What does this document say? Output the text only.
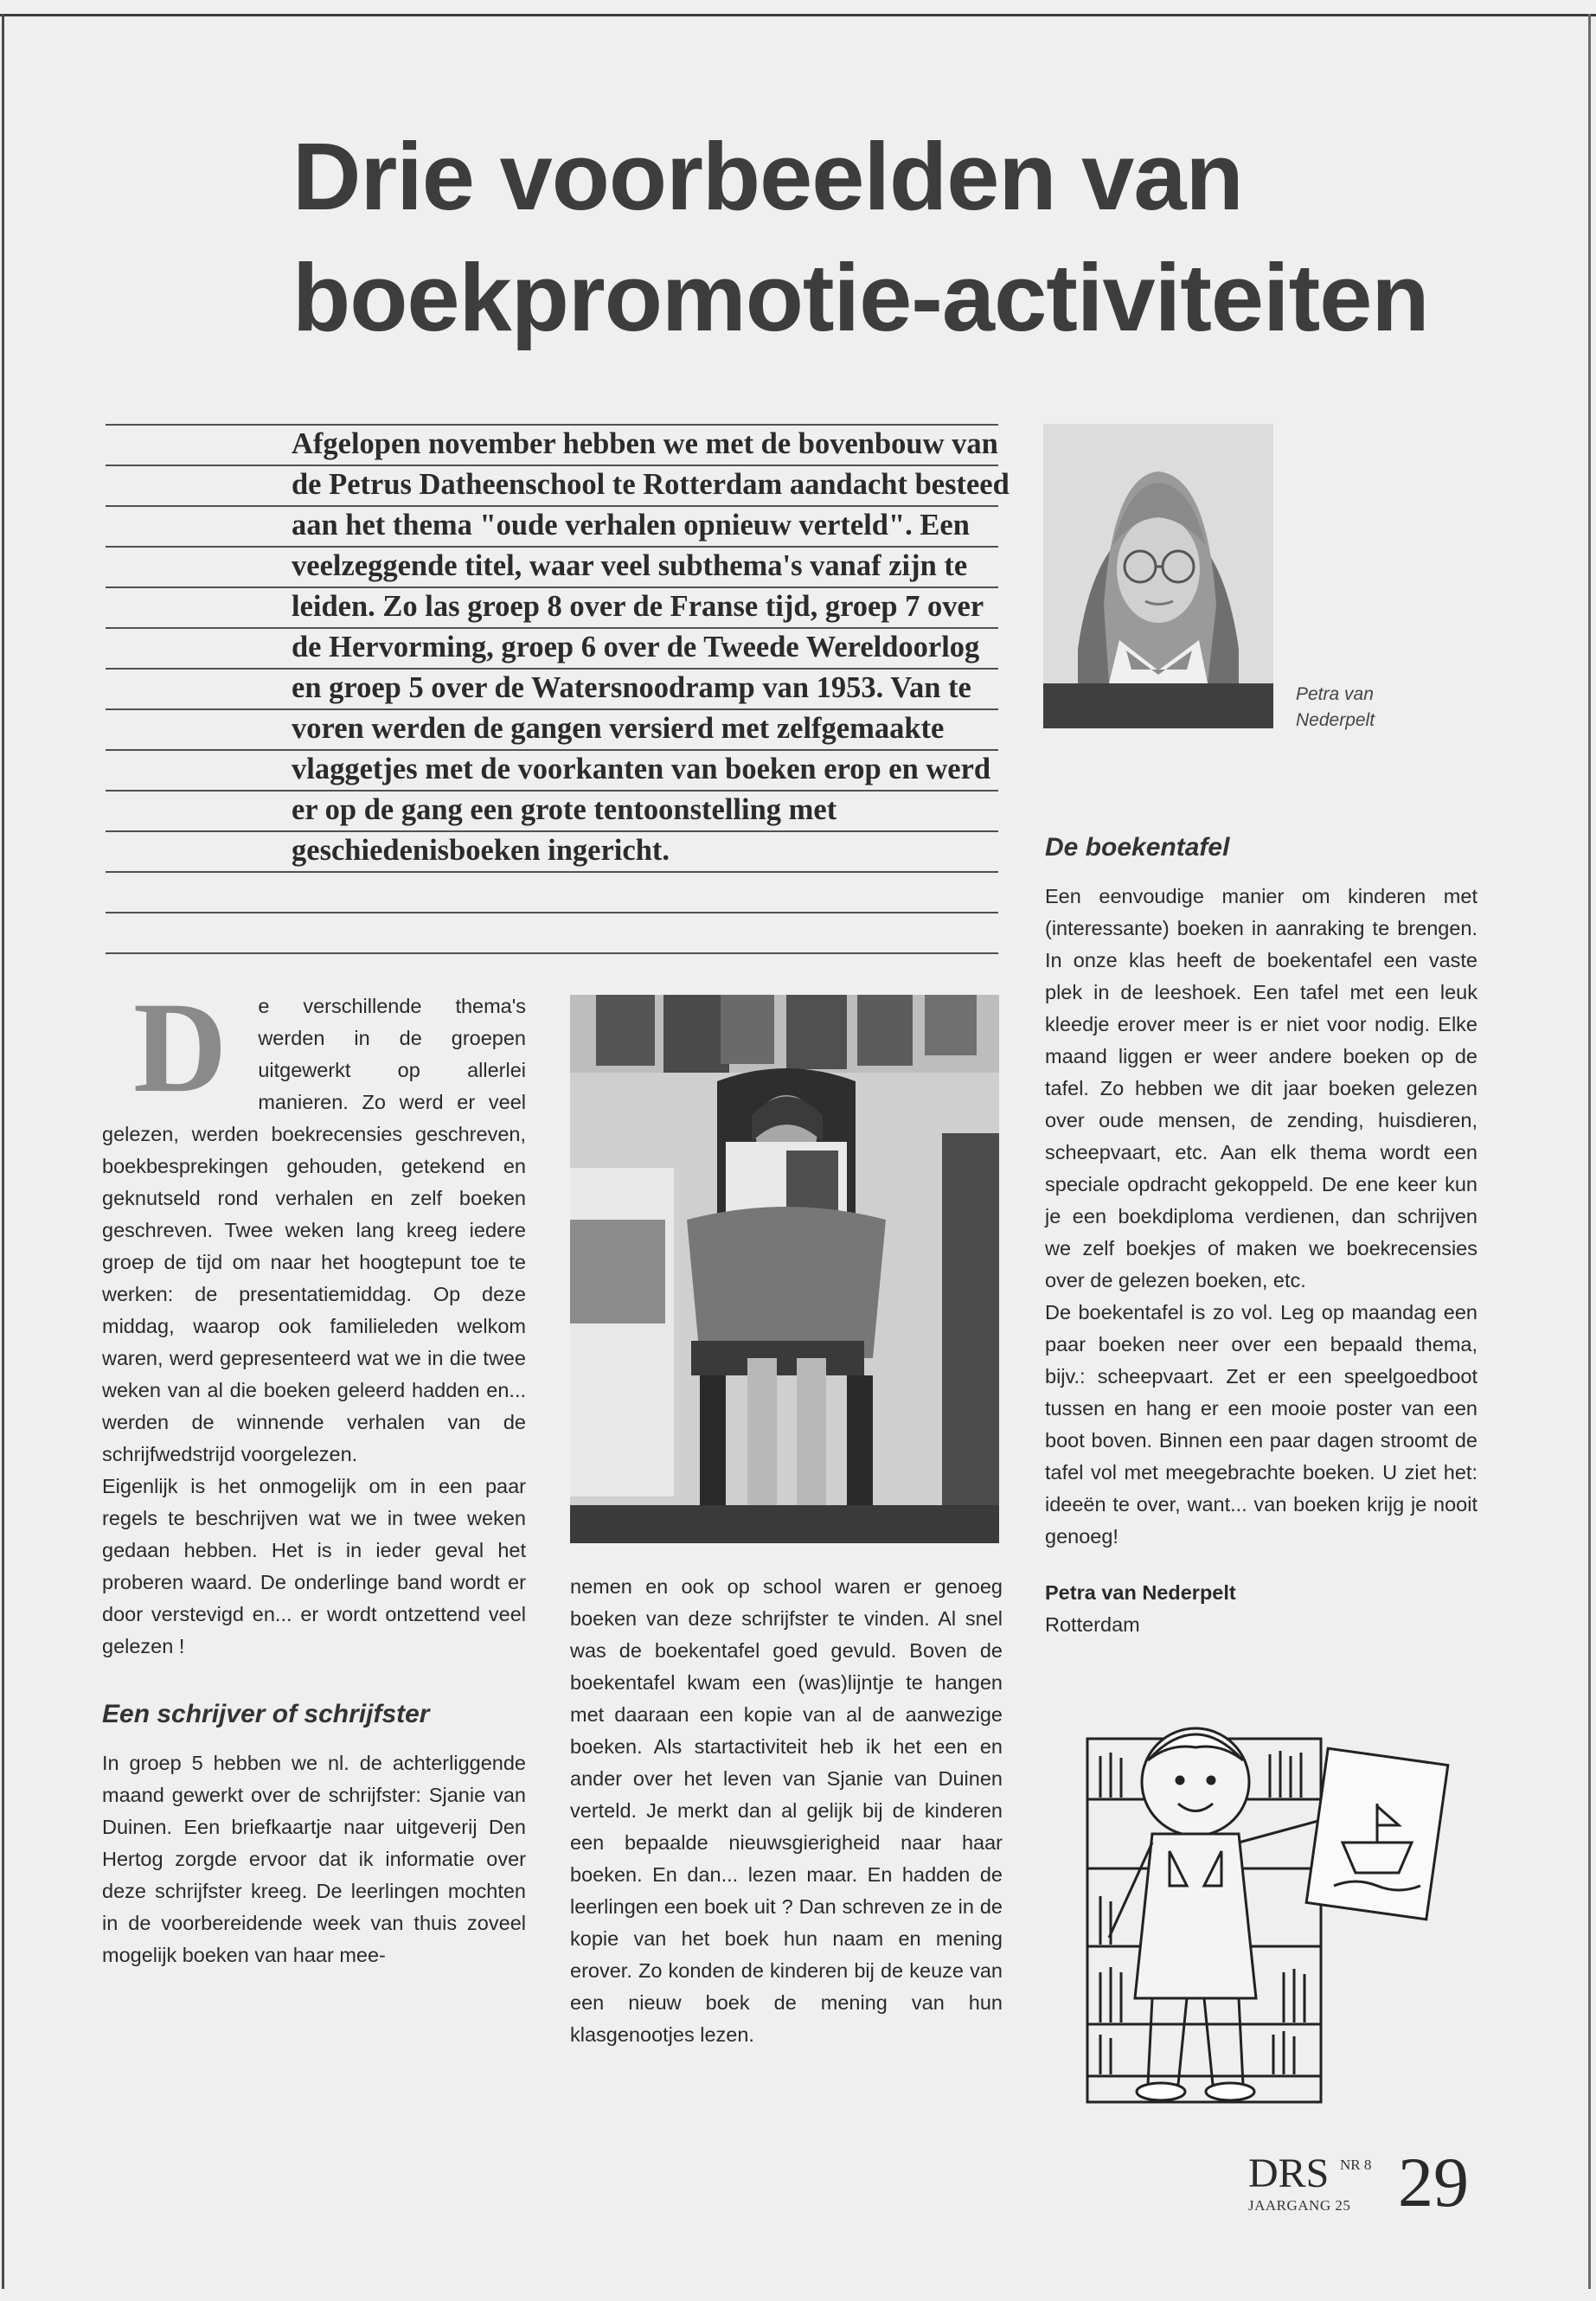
Drie voorbeelden van
boekpromotie-activiteiten

Afgelopen november hebben we met de bovenbouw van de Petrus Datheenschool te Rotterdam aandacht besteed aan het thema "oude verhalen opnieuw verteld". Een veelzeggende titel, waar veel subthema's vanaf zijn te leiden. Zo las groep 8 over de Franse tijd, groep 7 over de Hervorming, groep 6 over de Tweede Wereldoorlog en groep 5 over de Watersnoodramp van 1953. Van te voren werden de gangen versierd met zelfgemaakte vlaggetjes met de voorkanten van boeken erop en werd er op de gang een grote tentoonstelling met geschiedenisboeken ingericht.

Petra van Nederpelt

D	e verschillende thema's werden in de groepen uitgewerkt op allerlei manieren. Zo werd er veel gelezen, werden boekrecensies geschreven, boekbesprekingen gehouden, getekend en geknutseld rond verhalen en zelf boeken geschreven. Twee weken lang kreeg iedere groep de tijd om naar het hoogtepunt toe te werken: de presentatiemiddag. Op deze middag, waarop ook familieleden welkom waren, werd gepresenteerd wat we in die twee weken van al die boeken geleerd hadden en... werden de winnende verhalen van de schrijfwedstrijd voorgelezen.

Eigenlijk is het onmogelijk om in een paar regels te beschrijven wat we in twee weken gedaan hebben. Het is in ieder geval het proberen waard. De onderlinge band wordt er door verstevigd en... er wordt ontzettend veel gelezen !

Een schrijver of schrijfster

In groep 5 hebben we nl. de achterliggende maand gewerkt over de schrijfster: Sjanie van Duinen. Een briefkaartje naar uitgeverij Den Hertog zorgde ervoor dat ik informatie over deze schrijfster kreeg. De leerlingen mochten in de voorbereidende week van thuis zoveel mogelijk boeken van haar mee-

nemen en ook op school waren er genoeg boeken van deze schrijfster te vinden. Al snel was de boekentafel goed gevuld. Boven de boekentafel kwam een (was)lijntje te hangen met daaraan een kopie van al de aanwezige boeken. Als startactiviteit heb ik het een en ander over het leven van Sjanie van Duinen verteld. Je merkt dan al gelijk bij de kinderen een bepaalde nieuwsgierigheid naar haar boeken. En dan... lezen maar. En hadden de leerlingen een boek uit ? Dan schreven ze in de kopie van het boek hun naam en mening erover. Zo konden de kinderen bij de keuze van een nieuw boek de mening van hun klasgenootjes lezen.

De boekentafel

Een eenvoudige manier om kinderen met (interessante) boeken in aanraking te brengen. In onze klas heeft de boekentafel een vaste plek in de leeshoek. Een tafel met een leuk kleedje erover meer is er niet voor nodig. Elke maand liggen er weer andere boeken op de tafel. Zo hebben we dit jaar boeken gelezen over oude mensen, de zending, huisdieren, scheepvaart, etc. Aan elk thema wordt een speciale opdracht gekoppeld. De ene keer kun je een boekdiploma verdienen, dan schrijven we zelf boekjes of maken we boekrecensies over de gelezen boeken, etc.

De boekentafel is zo vol. Leg op maandag een paar boeken neer over een bepaald thema, bijv.: scheepvaart. Zet er een speelgoedboot tussen en hang er een mooie poster van een boot boven. Binnen een paar dagen stroomt de tafel vol met meegebrachte boeken. U ziet het: ideeën te over, want... van boeken krijg je nooit genoeg!

Petra van Nederpelt

Rotterdam

DRS NR 8

JAARGANG 25 29
